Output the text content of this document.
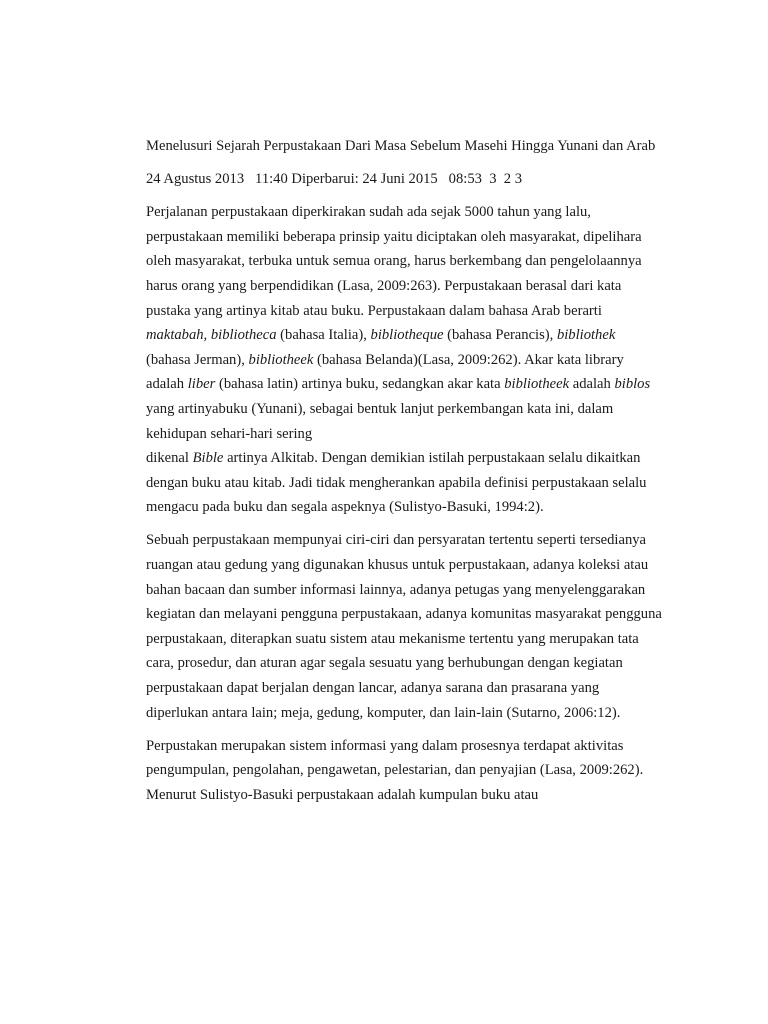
Menelusuri Sejarah Perpustakaan Dari Masa Sebelum Masehi Hingga Yunani dan Arab

24 Agustus 2013   11:40 Diperbarui: 24 Juni 2015   08:53  3  2 3

Perjalanan perpustakaan diperkirakan sudah ada sejak 5000 tahun yang lalu, perpustakaan memiliki beberapa prinsip yaitu diciptakan oleh masyarakat, dipelihara oleh masyarakat, terbuka untuk semua orang, harus berkembang dan pengelolaannya harus orang yang berpendidikan (Lasa, 2009:263). Perpustakaan berasal dari kata pustaka yang artinya kitab atau buku. Perpustakaan dalam bahasa Arab berarti maktabah, bibliotheca (bahasa Italia), bibliotheque (bahasa Perancis), bibliothek (bahasa Jerman), bibliotheek (bahasa Belanda)(Lasa, 2009:262). Akar kata library adalah liber (bahasa latin) artinya buku, sedangkan akar kata bibliotheek adalah biblos yang artinyabuku (Yunani), sebagai bentuk lanjut perkembangan kata ini, dalam kehidupan sehari-hari sering
dikenal Bible artinya Alkitab. Dengan demikian istilah perpustakaan selalu dikaitkan dengan buku atau kitab. Jadi tidak mengherankan apabila definisi perpustakaan selalu mengacu pada buku dan segala aspeknya (Sulistyo-Basuki, 1994:2).

Sebuah perpustakaan mempunyai ciri-ciri dan persyaratan tertentu seperti tersedianya ruangan atau gedung yang digunakan khusus untuk perpustakaan, adanya koleksi atau bahan bacaan dan sumber informasi lainnya, adanya petugas yang menyelenggarakan kegiatan dan melayani pengguna perpustakaan, adanya komunitas masyarakat pengguna perpustakaan, diterapkan suatu sistem atau mekanisme tertentu yang merupakan tata cara, prosedur, dan aturan agar segala sesuatu yang berhubungan dengan kegiatan perpustakaan dapat berjalan dengan lancar, adanya sarana dan prasarana yang diperlukan antara lain; meja, gedung, komputer, dan lain-lain (Sutarno, 2006:12).

Perpustakan merupakan sistem informasi yang dalam prosesnya terdapat aktivitas pengumpulan, pengolahan, pengawetan, pelestarian, dan penyajian (Lasa, 2009:262). Menurut Sulistyo-Basuki perpustakaan adalah kumpulan buku atau
